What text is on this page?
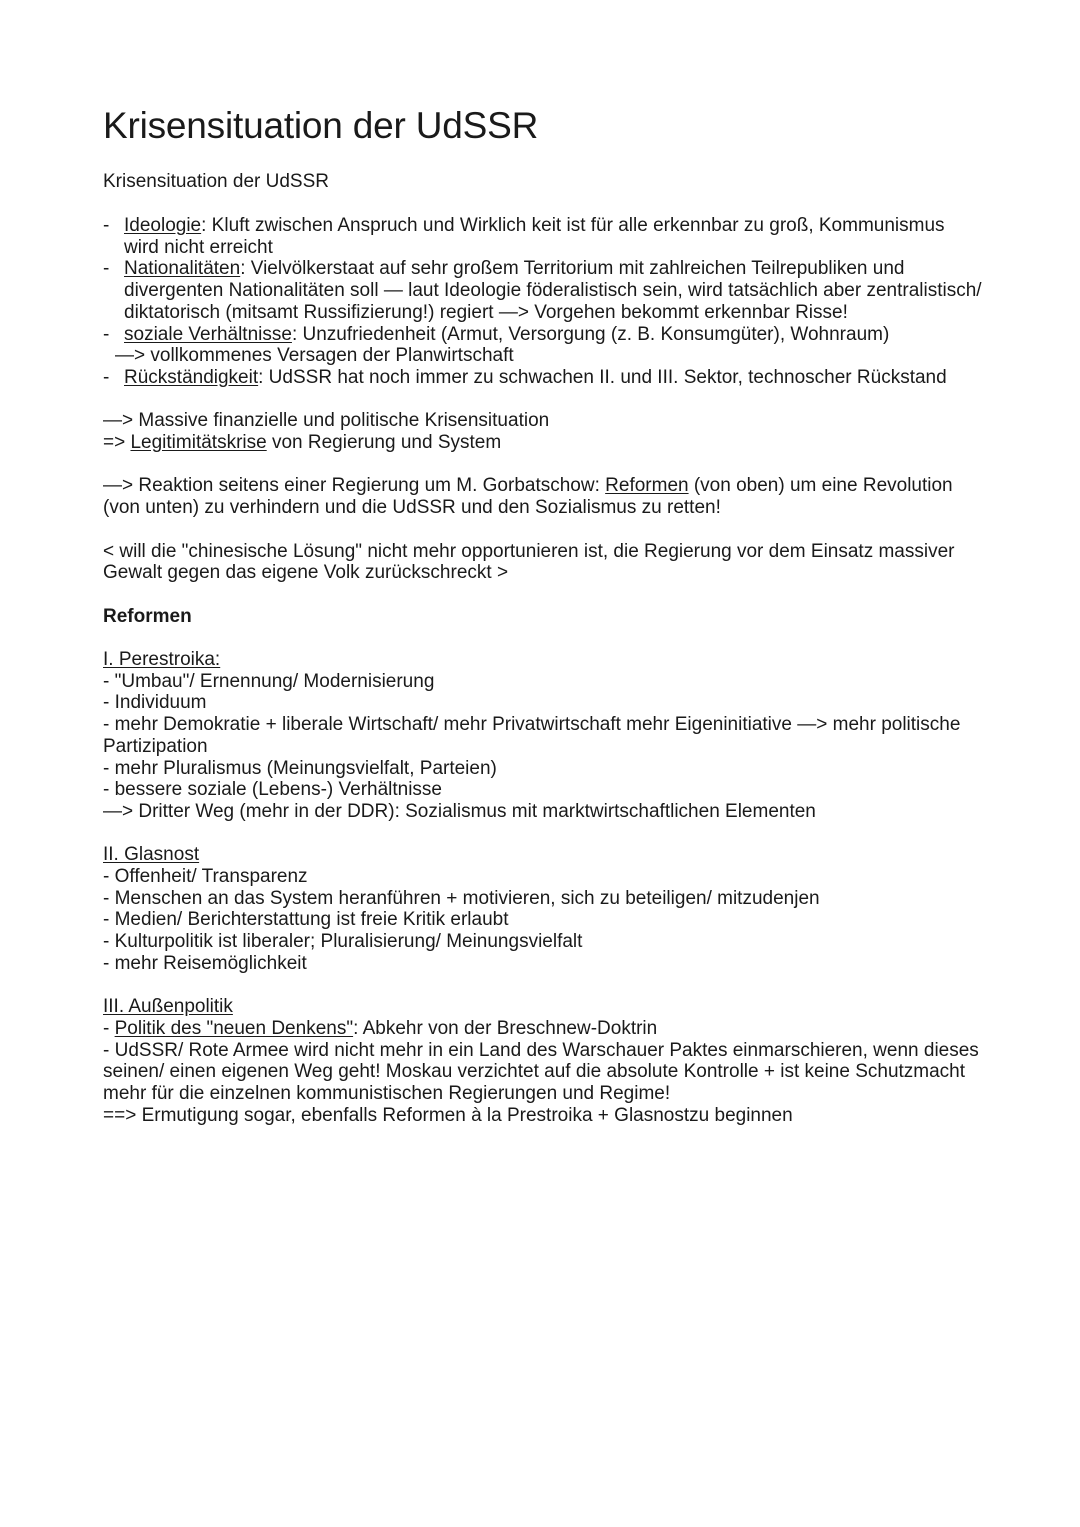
Krisensituation der UdSSR
Krisensituation der UdSSR
- Ideologie: Kluft zwischen Anspruch und Wirklich keit ist für alle erkennbar zu groß, Kommunismus wird nicht erreicht
- Nationalitäten: Vielvölkerstaat auf sehr großem Territorium mit zahlreichen Teilrepubliken und divergenten Nationalitäten soll — laut Ideologie föderalistisch sein, wird tatsächlich aber zentralistisch/ diktatorisch (mitsamt Russifizierung!) regiert —> Vorgehen bekommt erkennbar Risse!
- soziale Verhältnisse: Unzufriedenheit (Armut, Versorgung (z. B. Konsumgüter), Wohnraum)
—> vollkommenes Versagen der Planwirtschaft
- Rückständigkeit: UdSSR hat noch immer zu schwachen II. und III. Sektor, technoscher Rückstand
—> Massive finanzielle und politische Krisensituation
=> Legitimitätskrise von Regierung und System
—> Reaktion seitens einer Regierung um M. Gorbatschow: Reformen (von oben) um eine Revolution (von unten) zu verhindern und die UdSSR und den Sozialismus zu retten!
< will die "chinesische Lösung" nicht mehr opportunieren ist, die Regierung vor dem Einsatz massiver Gewalt gegen das eigene Volk zurückschreckt >
Reformen
I. Perestroika:
- "Umbau"/ Ernennung/ Modernisierung
- Individuum
- mehr Demokratie + liberale Wirtschaft/ mehr Privatwirtschaft mehr Eigeninitiative —> mehr politische Partizipation
- mehr Pluralismus (Meinungsvielfalt, Parteien)
- bessere soziale (Lebens-) Verhältnisse
—> Dritter Weg (mehr in der DDR): Sozialismus mit marktwirtschaftlichen Elementen
II. Glasnost
- Offenheit/ Transparenz
- Menschen an das System heranführen + motivieren, sich zu beteiligen/ mitzudenjen
- Medien/ Berichterstattung ist freie Kritik erlaubt
- Kulturpolitik ist liberaler; Pluralisierung/ Meinungsvielfalt
- mehr Reisemöglichkeit
III. Außenpolitik
- Politik des "neuen Denkens": Abkehr von der Breschnew-Doktrin
- UdSSR/ Rote Armee wird nicht mehr in ein Land des Warschauer Paktes einmarschieren, wenn dieses seinen/ einen eigenen Weg geht! Moskau verzichtet auf die absolute Kontrolle + ist keine Schutzmacht mehr für die einzelnen kommunistischen Regierungen und Regime!
==> Ermutigung sogar, ebenfalls Reformen à la Prestroika + Glasnostzu beginnen
